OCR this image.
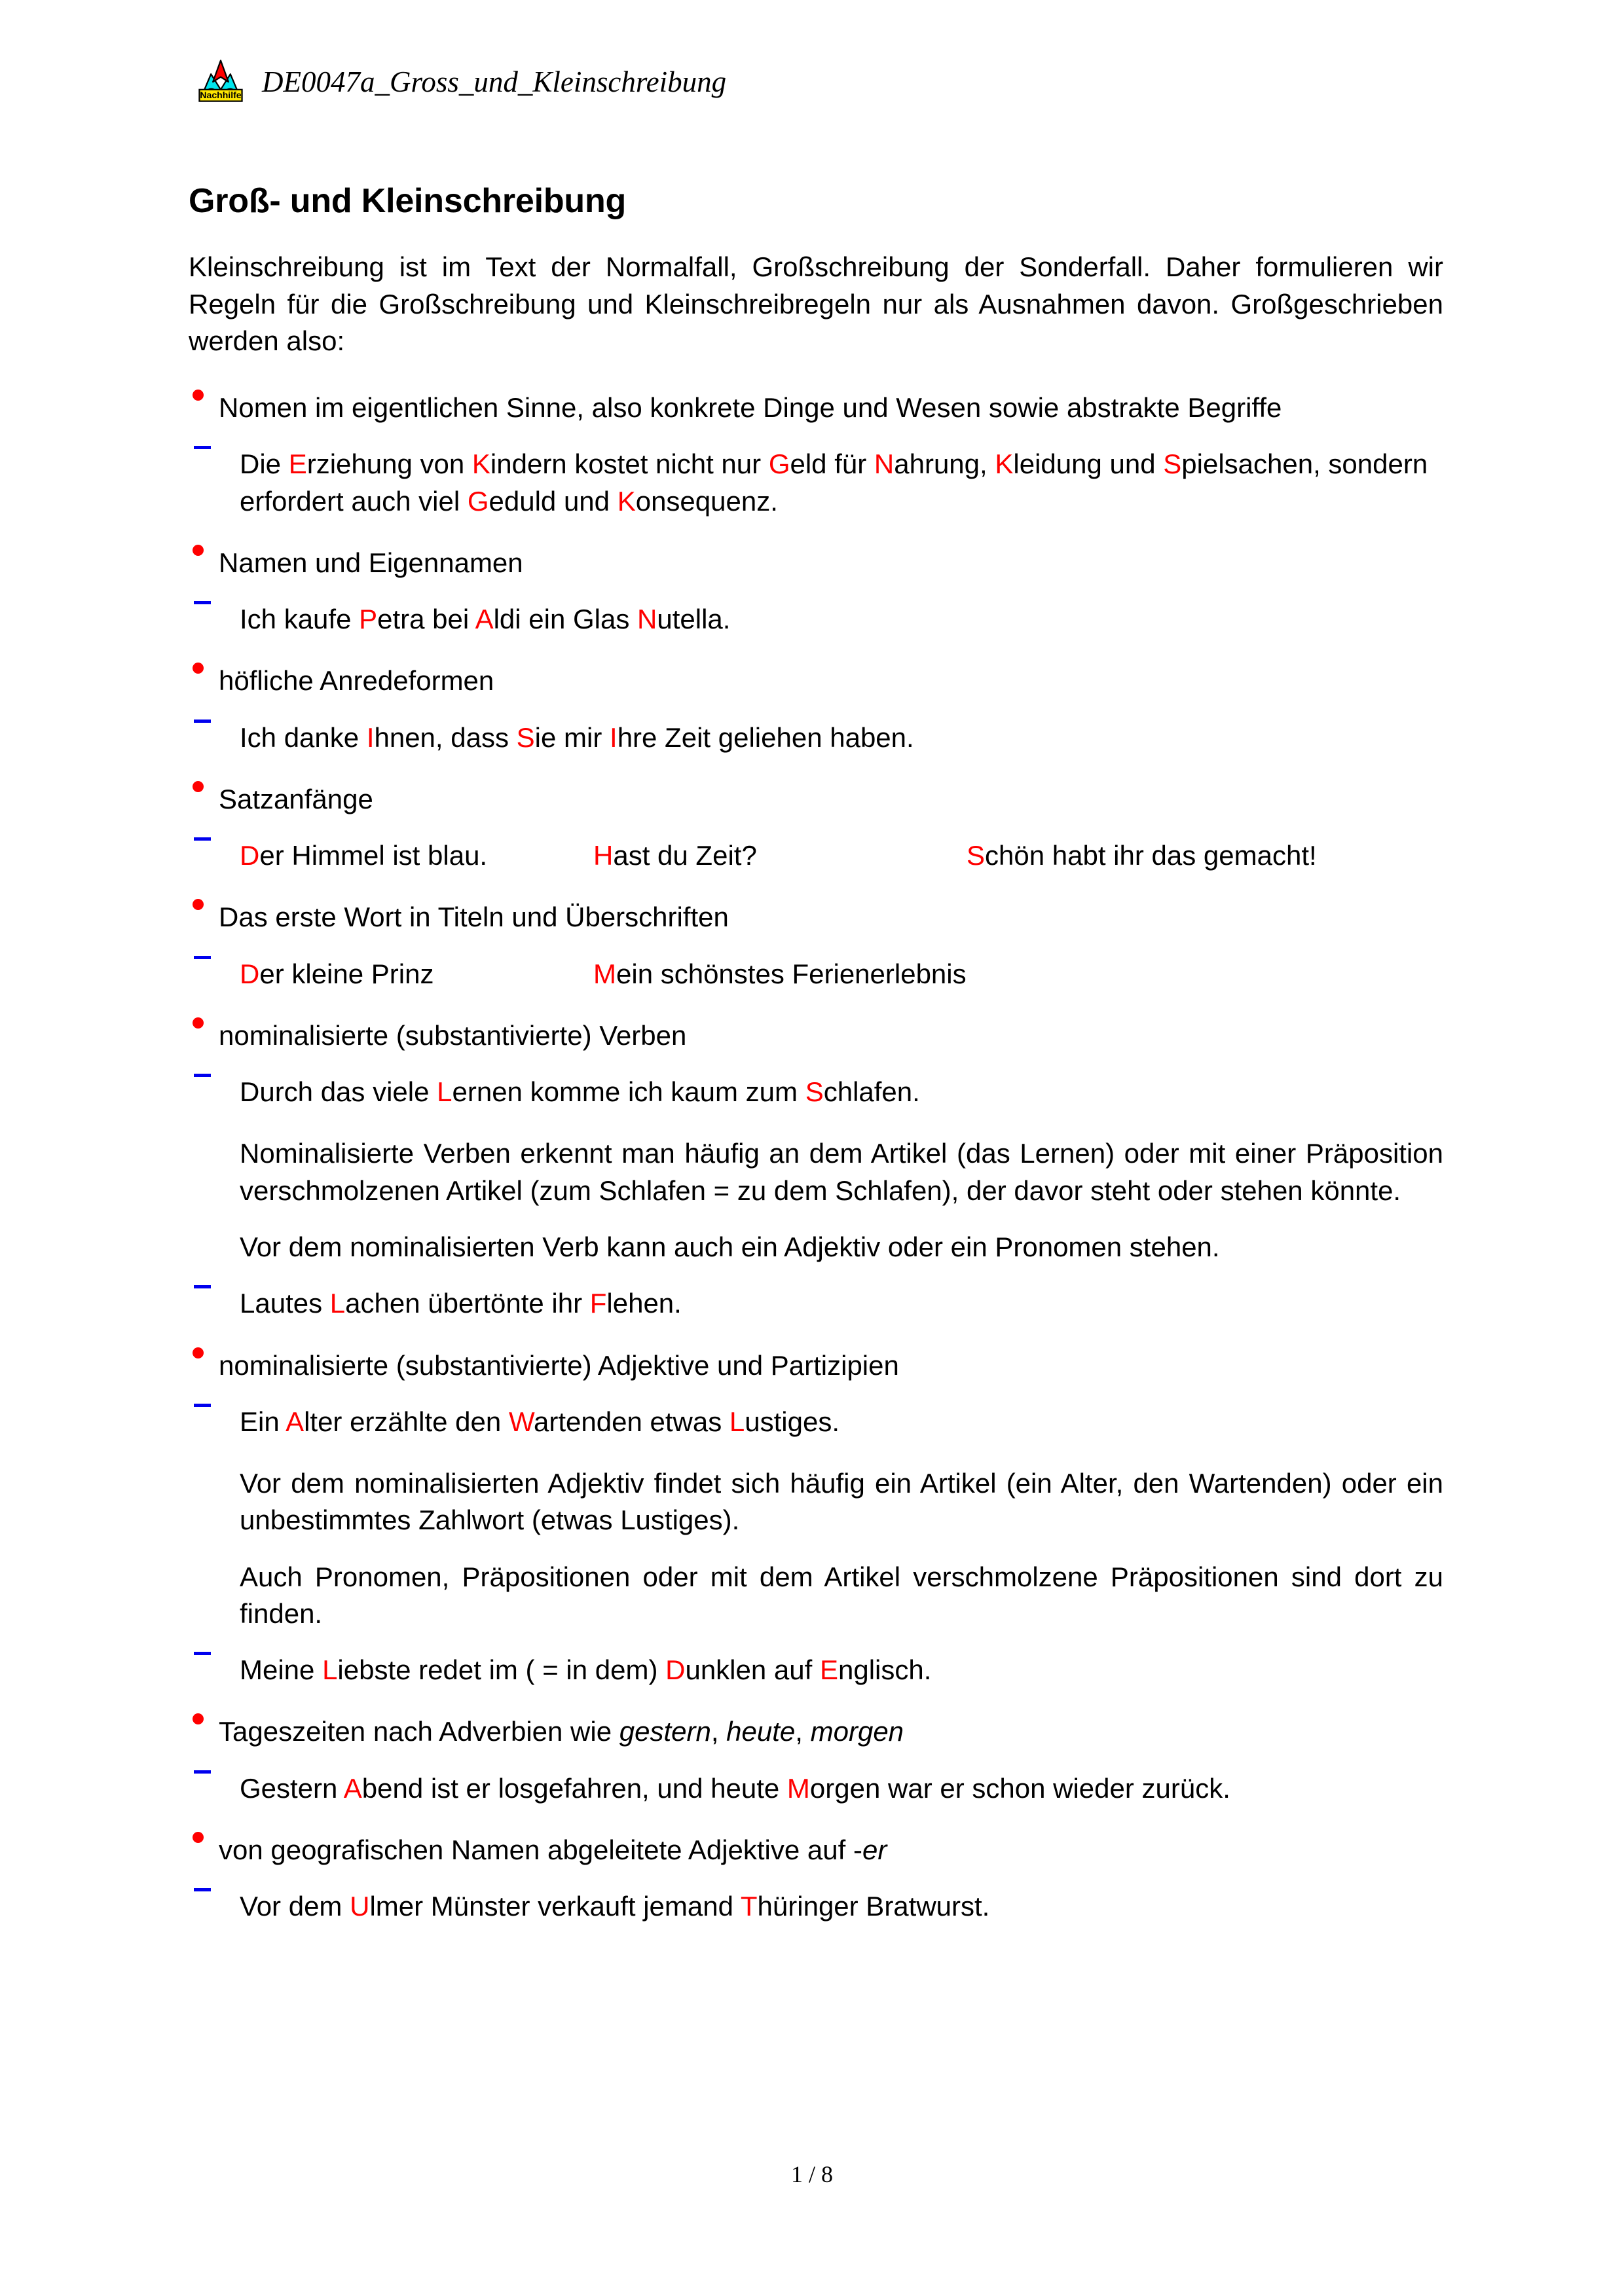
Nachhilfe DE0047a_Gross_und_Kleinschreibung
Groß- und Kleinschreibung

Kleinschreibung ist im Text der Normalfall, Großschreibung der Sonderfall. Daher formulieren wir Regeln für die Großschreibung und Kleinschreibregeln nur als Ausnahmen davon. Großgeschrieben werden also:

Nomen im eigentlichen Sinne, also konkrete Dinge und Wesen sowie abstrakte Begriffe
Die Erziehung von Kindern kostet nicht nur Geld für Nahrung, Kleidung und Spielsachen, sondern erfordert auch viel Geduld und Konsequenz.
Namen und Eigennamen
Ich kaufe Petra bei Aldi ein Glas Nutella.
höfliche Anredeformen
Ich danke Ihnen, dass Sie mir Ihre Zeit geliehen haben.
Satzanfänge
Der Himmel ist blau.	Hast du Zeit?	Schön habt ihr das gemacht!
Das erste Wort in Titeln und Überschriften
Der kleine Prinz	Mein schönstes Ferienerlebnis
nominalisierte (substantivierte) Verben
Durch das viele Lernen komme ich kaum zum Schlafen.
Nominalisierte Verben erkennt man häufig an dem Artikel (das Lernen) oder mit einer Präposition verschmolzenen Artikel (zum Schlafen = zu dem Schlafen), der davor steht oder stehen könnte.
Vor dem nominalisierten Verb kann auch ein Adjektiv oder ein Pronomen stehen.
Lautes Lachen übertönte ihr Flehen.
nominalisierte (substantivierte) Adjektive und Partizipien
Ein Alter erzählte den Wartenden etwas Lustiges.
Vor dem nominalisierten Adjektiv findet sich häufig ein Artikel (ein Alter, den Wartenden) oder ein unbestimmtes Zahlwort (etwas Lustiges).
Auch Pronomen, Präpositionen oder mit dem Artikel verschmolzene Präpositionen sind dort zu finden.
Meine Liebste redet im ( = in dem) Dunklen auf Englisch.
Tageszeiten nach Adverbien wie gestern, heute, morgen
Gestern Abend ist er losgefahren, und heute Morgen war er schon wieder zurück.
von geografischen Namen abgeleitete Adjektive auf -er
Vor dem Ulmer Münster verkauft jemand Thüringer Bratwurst.
1 / 8
